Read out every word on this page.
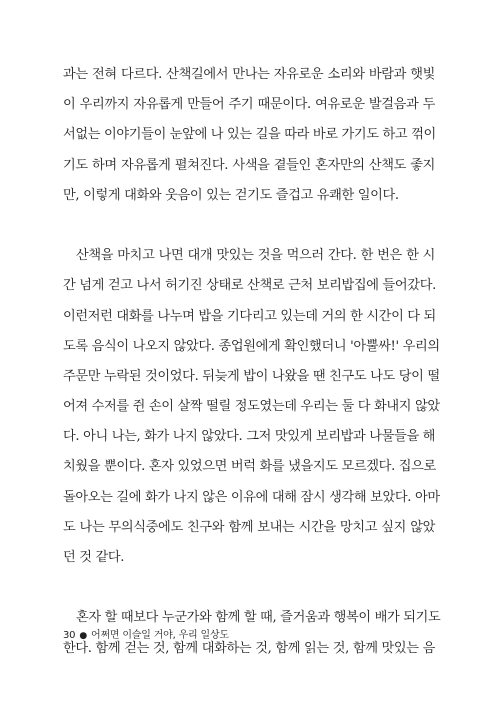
과는 전혀 다르다. 산책길에서 만나는 자유로운 소리와 바람과 햇빛
이 우리까지 자유롭게 만들어 주기 때문이다. 여유로운 발걸음과 두
서없는 이야기들이 눈앞에 나 있는 길을 따라 바로 가기도 하고 꺾이
기도 하며 자유롭게 펼쳐진다. 사색을 곁들인 혼자만의 산책도 좋지
만, 이렇게 대화와 웃음이 있는 걷기도 즐겁고 유쾌한 일이다.
산책을 마치고 나면 대개 맛있는 것을 먹으러 간다. 한 번은 한 시
간 넘게 걷고 나서 허기진 상태로 산책로 근처 보리밥집에 들어갔다.
이런저런 대화를 나누며 밥을 기다리고 있는데 거의 한 시간이 다 되
도록 음식이 나오지 않았다. 종업원에게 확인했더니 '아뿔싸!' 우리의
주문만 누락된 것이었다. 뒤늦게 밥이 나왔을 땐 친구도 나도 당이 떨
어져 수저를 쥔 손이 살짝 떨릴 정도였는데 우리는 둘 다 화내지 않았
다. 아니 나는, 화가 나지 않았다. 그저 맛있게 보리밥과 나물들을 해
치웠을 뿐이다. 혼자 있었으면 버럭 화를 냈을지도 모르겠다. 집으로
돌아오는 길에 화가 나지 않은 이유에 대해 잠시 생각해 보았다. 아마
도 나는 무의식중에도 친구와 함께 보내는 시간을 망치고 싶지 않았
던 것 같다.
혼자 할 때보다 누군가와 함께 할 때, 즐거움과 행복이 배가 되기도
한다. 함께 걷는 것, 함께 대화하는 것, 함께 읽는 것, 함께 맛있는 음
30 ● 어쩌면 이슬일 거야, 우리 일상도
